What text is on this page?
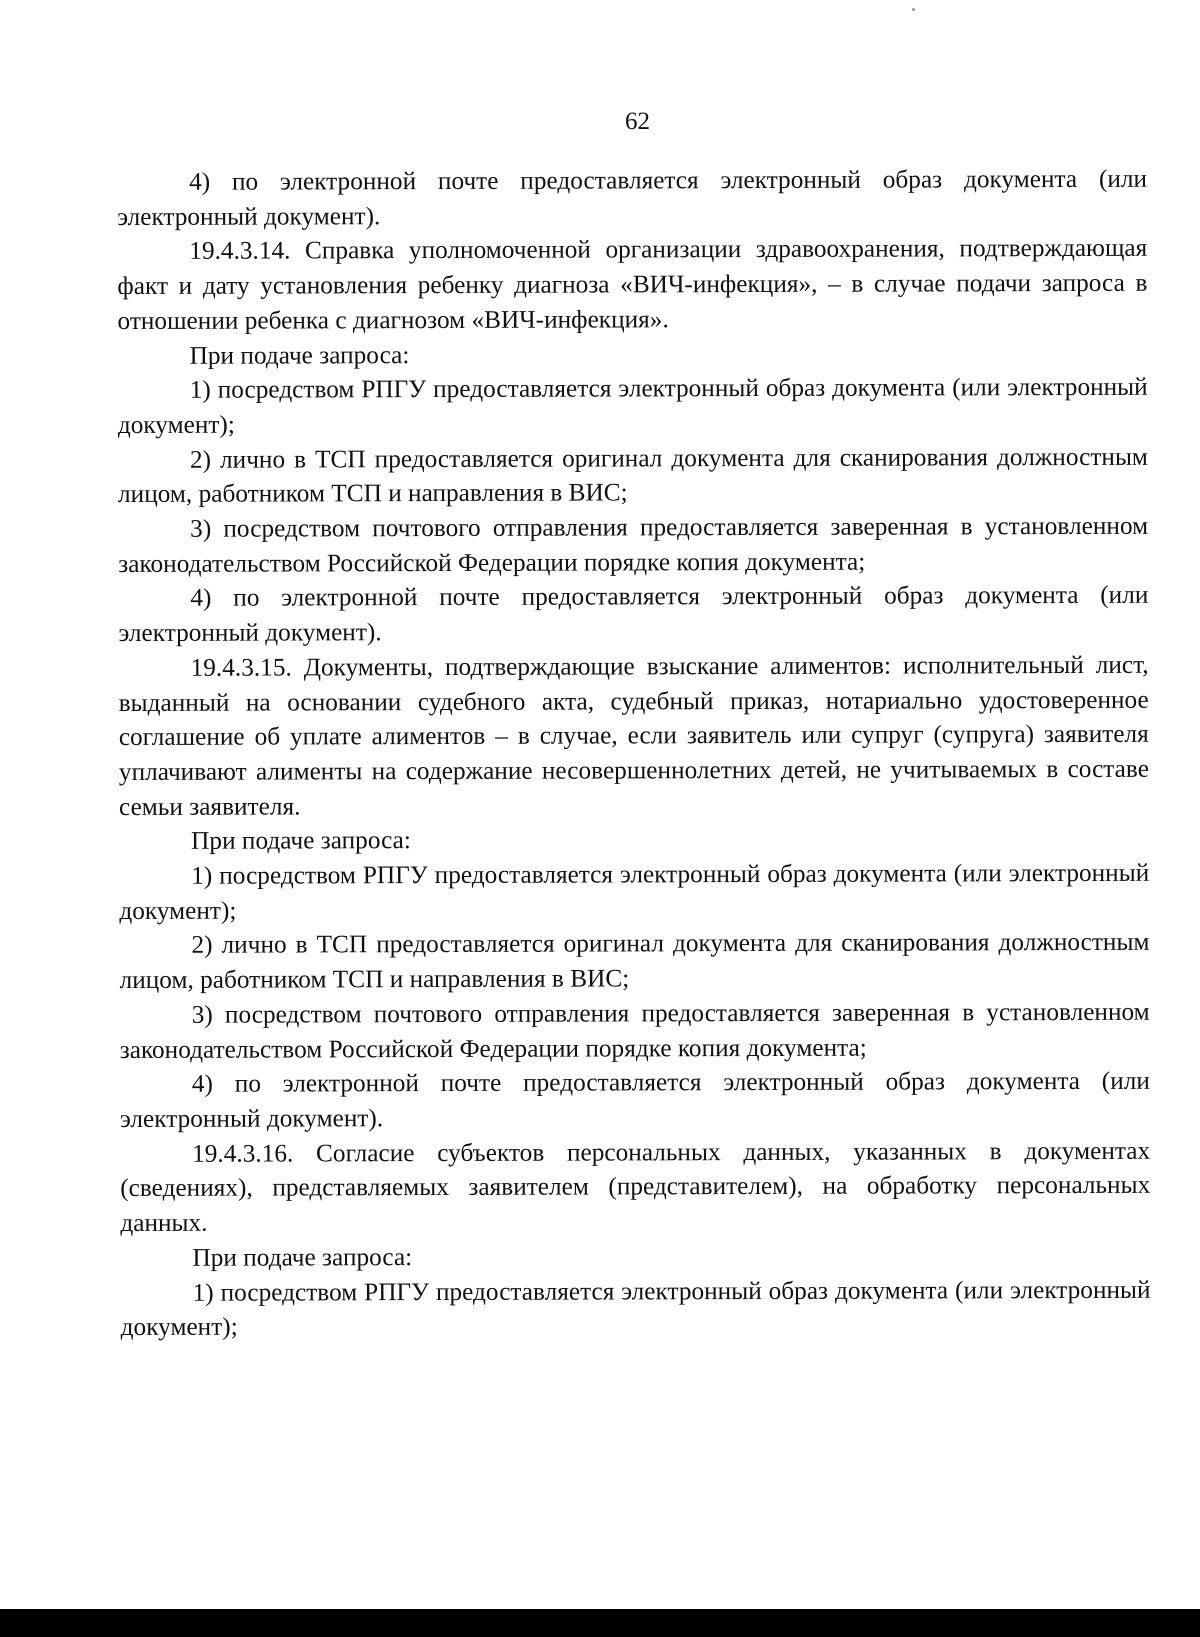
62

4) по электронной почте предоставляется электронный образ документа (или электронный документ).

19.4.3.14. Справка уполномоченной организации здравоохранения, подтверждающая факт и дату установления ребенку диагноза «ВИЧ-инфекция», – в случае подачи запроса в отношении ребенка с диагнозом «ВИЧ-инфекция».

При подаче запроса:

1) посредством РПГУ предоставляется электронный образ документа (или электронный документ);

2) лично в ТСП предоставляется оригинал документа для сканирования должностным лицом, работником ТСП и направления в ВИС;

3) посредством почтового отправления предоставляется заверенная в установленном законодательством Российской Федерации порядке копия документа;

4) по электронной почте предоставляется электронный образ документа (или электронный документ).

19.4.3.15. Документы, подтверждающие взыскание алиментов: исполнительный лист, выданный на основании судебного акта, судебный приказ, нотариально удостоверенное соглашение об уплате алиментов – в случае, если заявитель или супруг (супруга) заявителя уплачивают алименты на содержание несовершеннолетних детей, не учитываемых в составе семьи заявителя.

При подаче запроса:

1) посредством РПГУ предоставляется электронный образ документа (или электронный документ);

2) лично в ТСП предоставляется оригинал документа для сканирования должностным лицом, работником ТСП и направления в ВИС;

3) посредством почтового отправления предоставляется заверенная в установленном законодательством Российской Федерации порядке копия документа;

4) по электронной почте предоставляется электронный образ документа (или электронный документ).

19.4.3.16. Согласие субъектов персональных данных, указанных в документах (сведениях), представляемых заявителем (представителем), на обработку персональных данных.

При подаче запроса:

1) посредством РПГУ предоставляется электронный образ документа (или электронный документ);
